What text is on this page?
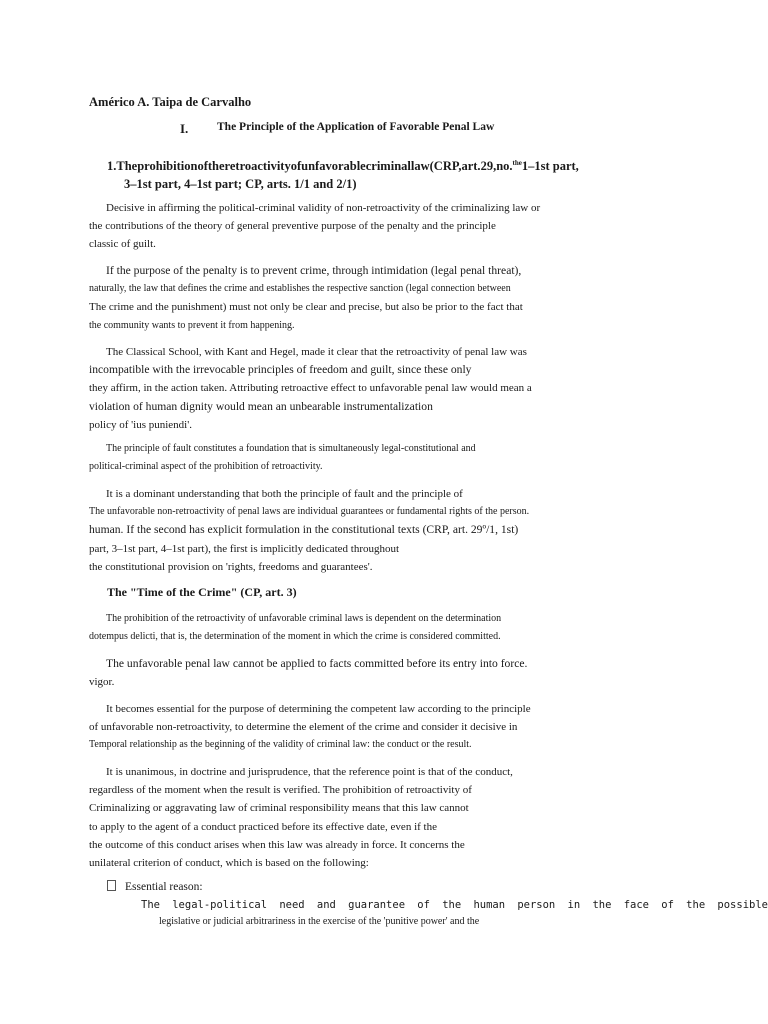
Américo A. Taipa de Carvalho
I. The Principle of the Application of Favorable Penal Law
1. The prohibition of the retroactivity of unfavorable criminal law (CRP, art. 29, no.$^{the}$1–1st part,
3–1st part, 4–1st part; CP, arts. 1/1 and 2/1)
Decisive in affirming the political-criminal validity of non-retroactivity of the criminalizing law or
the contributions of the theory of general preventive purpose of the penalty and the principle
classic of guilt.
If the purpose of the penalty is to prevent crime, through intimidation (legal penal threat),
naturally, the law that defines the crime and establishes the respective sanction (legal connection between
The crime and the punishment) must not only be clear and precise, but also be prior to the fact that
the community wants to prevent it from happening.
The Classical School, with Kant and Hegel, made it clear that the retroactivity of penal law was
incompatible with the irrevocable principles of freedom and guilt, since these only
they affirm, in the action taken. Attributing retroactive effect to unfavorable penal law would mean a
violation of human dignity would mean an unbearable instrumentalization
policy of 'ius puniendi'.
The principle of fault constitutes a foundation that is simultaneously legal-constitutional and
political-criminal aspect of the prohibition of retroactivity.
It is a dominant understanding that both the principle of fault and the principle of
The unfavorable non-retroactivity of penal laws are individual guarantees or fundamental rights of the person.
human. If the second has explicit formulation in the constitutional texts (CRP, art. 29º/1, 1st)
part, 3–1st part, 4–1st part), the first is implicitly dedicated throughout
the constitutional provision on 'rights, freedoms and guarantees'.
The "Time of the Crime" (CP, art. 3)
The prohibition of the retroactivity of unfavorable criminal laws is dependent on the determination
dotempus delicti, that is, the determination of the moment in which the crime is considered committed.
The unfavorable penal law cannot be applied to facts committed before its entry into force.
vigor.
It becomes essential for the purpose of determining the competent law according to the principle
of unfavorable non-retroactivity, to determine the element of the crime and consider it decisive in
Temporal relationship as the beginning of the validity of criminal law: the conduct or the result.
It is unanimous, in doctrine and jurisprudence, that the reference point is that of the conduct,
regardless of the moment when the result is verified. The prohibition of retroactivity of
Criminalizing or aggravating law of criminal responsibility means that this law cannot
to apply to the agent of a conduct practiced before its effective date, even if the
the outcome of this conduct arises when this law was already in force. It concerns the
unilateral criterion of conduct, which is based on the following:
Essential reason:
The legal-political need and guarantee of the human person in the face of the possible
legislative or judicial arbitrariness in the exercise of the 'punitive power' and the
